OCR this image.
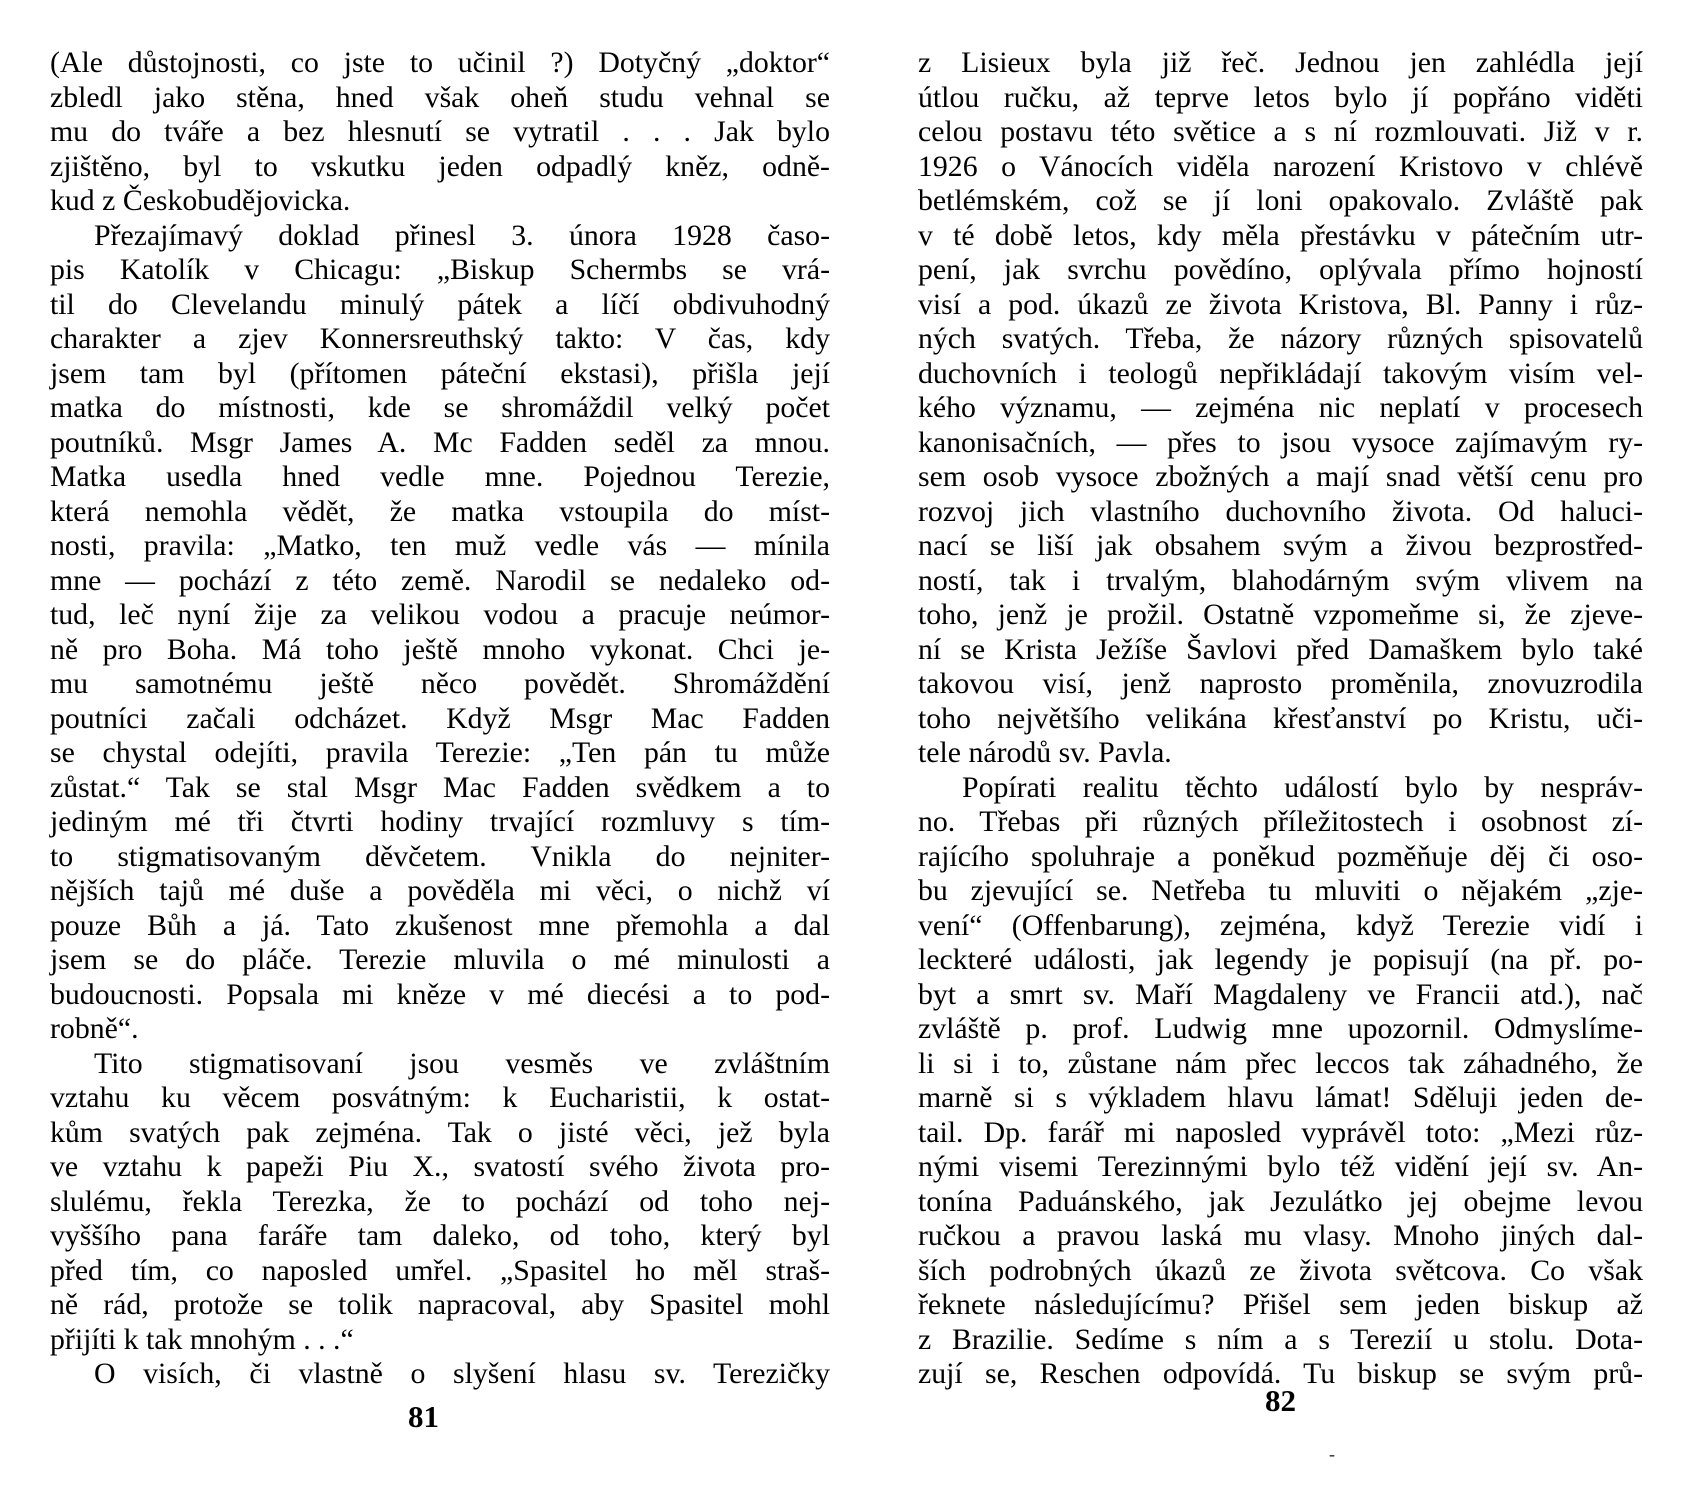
(Ale důstojnosti, co jste to učinil ?) Dotyčný „doktor“
zbledl jako stěna, hned však oheň studu vehnal se
mu do tváře a bez hlesnutí se vytratil . . . Jak bylo
zjištěno, byl to vskutku jeden odpadlý kněz, odně-
kud z Českobudějovicka.
Přezajímavý doklad přinesl 3. února 1928 časo-
pis Katolík v Chicagu: „Biskup Schermbs se vrá-
til do Clevelandu minulý pátek a líčí obdivuhodný
charakter a zjev Konnersreuthský takto: V čas, kdy
jsem tam byl (přítomen páteční ekstasi), přišla její
matka do místnosti, kde se shromáždil velký počet
poutníků. Msgr James A. Mc Fadden seděl za mnou.
Matka usedla hned vedle mne. Pojednou Terezie,
která nemohla vědět, že matka vstoupila do míst-
nosti, pravila: „Matko, ten muž vedle vás — mínila
mne — pochází z této země. Narodil se nedaleko od-
tud, leč nyní žije za velikou vodou a pracuje neúmor-
ně pro Boha. Má toho ještě mnoho vykonat. Chci je-
mu samotnému ještě něco povědět. Shromáždění
poutníci začali odcházet. Když Msgr Mac Fadden
se chystal odejíti, pravila Terezie: „Ten pán tu může
zůstat.“ Tak se stal Msgr Mac Fadden svědkem a to
jediným mé tři čtvrti hodiny trvající rozmluvy s tím-
to stigmatisovaným děvčetem. Vnikla do nejniter-
nějších tajů mé duše a pověděla mi věci, o nichž ví
pouze Bůh a já. Tato zkušenost mne přemohla a dal
jsem se do pláče. Terezie mluvila o mé minulosti a
budoucnosti. Popsala mi kněze v mé diecési a to pod-
robně“.
Tito stigmatisovaní jsou vesměs ve zvláštním
vztahu ku věcem posvátným: k Eucharistii, k ostat-
kům svatých pak zejména. Tak o jisté věci, jež byla
ve vztahu k papeži Piu X., svatostí svého života pro-
slulému, řekla Terezka, že to pochází od toho nej-
vyššího pana faráře tam daleko, od toho, který byl
před tím, co naposled umřel. „Spasitel ho měl straš-
ně rád, protože se tolik napracoval, aby Spasitel mohl
přijíti k tak mnohým . . .“
O visích, či vlastně o slyšení hlasu sv. Terezičky
z Lisieux byla již řeč. Jednou jen zahlédla její
útlou ručku, až teprve letos bylo jí popřáno viděti
celou postavu této světice a s ní rozmlouvati. Již v r.
1926 o Vánocích viděla narození Kristovo v chlévě
betlémském, což se jí loni opakovalo. Zvláště pak
v té době letos, kdy měla přestávku v pátečním utr-
pení, jak svrchu povědíno, oplývala přímo hojností
visí a pod. úkazů ze života Kristova, Bl. Panny i růz-
ných svatých. Třeba, že názory různých spisovatelů
duchovních i teologů nepřikládají takovým visím vel-
kého významu, — zejména nic neplatí v procesech
kanonisačních, — přes to jsou vysoce zajímavým ry-
sem osob vysoce zbožných a mají snad větší cenu pro
rozvoj jich vlastního duchovního života. Od haluci-
nací se liší jak obsahem svým a živou bezprostřed-
ností, tak i trvalým, blahodárným svým vlivem na
toho, jenž je prožil. Ostatně vzpomeňme si, že zjeve-
ní se Krista Ježíše Šavlovi před Damaškem bylo také
takovou visí, jenž naprosto proměnila, znovuzrodila
toho největšího velikána křesťanství po Kristu, uči-
tele národů sv. Pavla.
Popírati realitu těchto událostí bylo by nespráv-
no. Třebas při různých příležitostech i osobnost zí-
rajícího spoluhraje a poněkud pozměňuje děj či oso-
bu zjevující se. Netřeba tu mluviti o nějakém „zje-
vení“ (Offenbarung), zejména, když Terezie vidí i
leckteré události, jak legendy je popisují (na př. po-
byt a smrt sv. Maří Magdaleny ve Francii atd.), nač
zvláště p. prof. Ludwig mne upozornil. Odmyslíme-
li si i to, zůstane nám přec leccos tak záhadného, že
marně si s výkladem hlavu lámat! Sděluji jeden de-
tail. Dp. farář mi naposled vyprávěl toto: „Mezi růz-
nými visemi Terezinnými bylo též vidění její sv. An-
tonína Paduánského, jak Jezulátko jej obejme levou
ručkou a pravou laská mu vlasy. Mnoho jiných dal-
ších podrobných úkazů ze života světcova. Co však
řeknete následujícímu? Přišel sem jeden biskup až
z Brazilie. Sedíme s ním a s Terezií u stolu. Dota-
zují se, Reschen odpovídá. Tu biskup se svým prů-
81	82
-
